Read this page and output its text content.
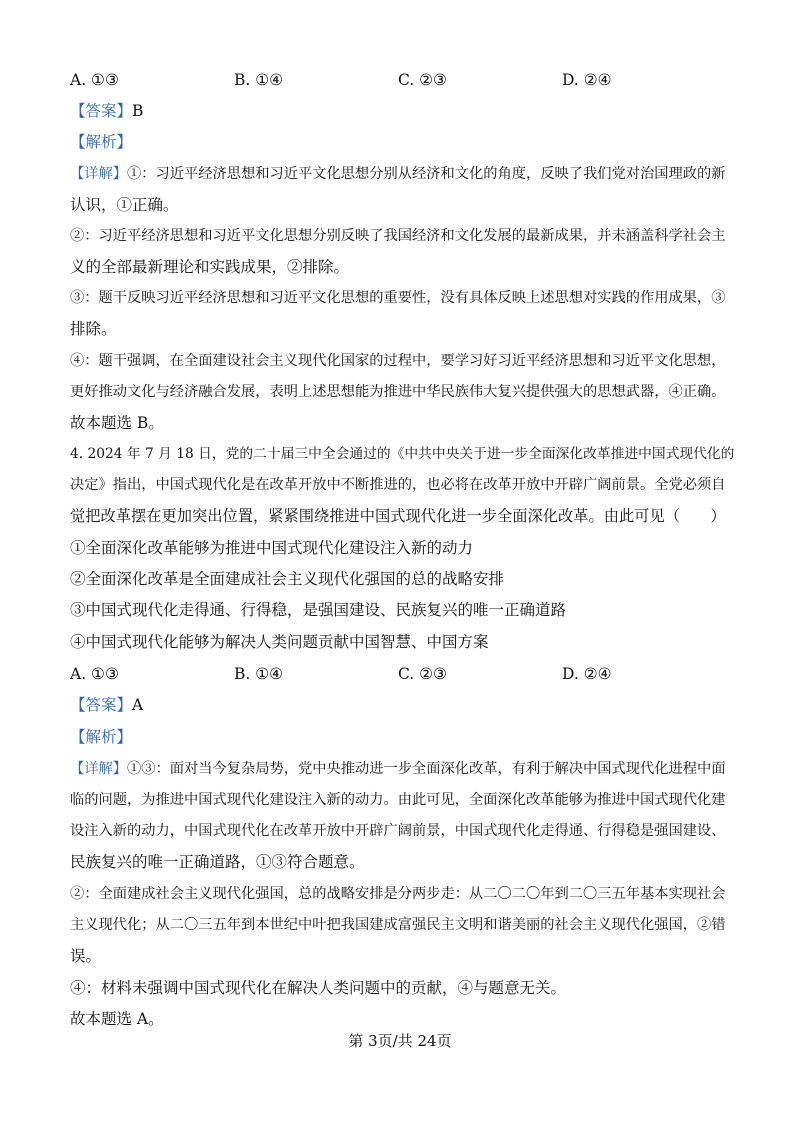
A. ①③	B. ①④	C. ②③	D. ②④
【答案】B
【解析】
【详解】①：习近平经济思想和习近平文化思想分别从经济和文化的角度，反映了我们党对治国理政的新
认识，①正确。
②：习近平经济思想和习近平文化思想分别反映了我国经济和文化发展的最新成果，并未涵盖科学社会主
义的全部最新理论和实践成果，②排除。
③：题干反映习近平经济思想和习近平文化思想的重要性，没有具体反映上述思想对实践的作用成果，③
排除。
④：题干强调，在全面建设社会主义现代化国家的过程中，要学习好习近平经济思想和习近平文化思想，
更好推动文化与经济融合发展，表明上述思想能为推进中华民族伟大复兴提供强大的思想武器，④正确。
故本题选 B。
4. 2024 年 7 月 18 日，党的二十届三中全会通过的《中共中央关于进一步全面深化改革推进中国式现代化的
决定》指出，中国式现代化是在改革开放中不断推进的，也必将在改革开放中开辟广阔前景。全党必须自
觉把改革摆在更加突出位置，紧紧围绕推进中国式现代化进一步全面深化改革。由此可见（　　）
①全面深化改革能够为推进中国式现代化建设注入新的动力
②全面深化改革是全面建成社会主义现代化强国的总的战略安排
③中国式现代化走得通、行得稳，是强国建设、民族复兴的唯一正确道路
④中国式现代化能够为解决人类问题贡献中国智慧、中国方案
A. ①③	B. ①④	C. ②③	D. ②④
【答案】A
【解析】
【详解】①③：面对当今复杂局势，党中央推动进一步全面深化改革，有利于解决中国式现代化进程中面
临的问题，为推进中国式现代化建设注入新的动力。由此可见，全面深化改革能够为推进中国式现代化建
设注入新的动力，中国式现代化在改革开放中开辟广阔前景，中国式现代化走得通、行得稳是强国建设、
民族复兴的唯一正确道路，①③符合题意。
②：全面建成社会主义现代化强国，总的战略安排是分两步走：从二〇二〇年到二〇三五年基本实现社会
主义现代化；从二〇三五年到本世纪中叶把我国建成富强民主文明和谐美丽的社会主义现代化强国，②错
误。
④：材料未强调中国式现代化在解决人类问题中的贡献，④与题意无关。
故本题选 A。
第 3页/共 24页
